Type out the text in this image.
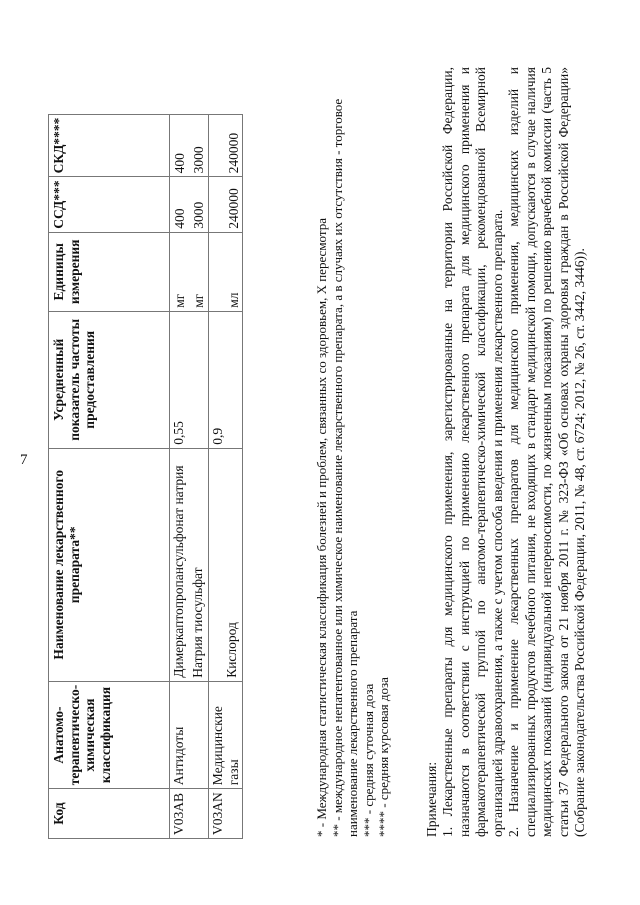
7
Код	Анатомо-терапевтическо-химическая классификация	Наименование лекарственного препарата**	Усредненный показатель частоты предоставления	Единицы измерения	ССД***	СКД****
V03AB	Антидоты	Димеркаптопропансульфонат натрия	0,55	мг	400	400

		Натрия тиосульфат		мг	3000	3000
V03AN	Медицинские газы	Кислород	0,9	мл	240000	240000
* - Международная статистическая классификация болезней и проблем, связанных со здоровьем, X пересмотра ** - международное непатентованное или химическое наименование лекарственного препарата, а в случаях их отсутствия - торговое наименование лекарственного препарата *** - средняя суточная доза **** - средняя курсовая доза Примечания: 1. Лекарственные препараты для медицинского применения, зарегистрированные на территории Российской Федерации, назначаются в соответствии с инструкцией по применению лекарственного препарата для медицинского применения и фармакотерапевтической группой по анатомо-терапевтическо-химической классификации, рекомендованной Всемирной организацией здравоохранения, а также с учетом способа введения и применения лекарственного препарата. 2. Назначение и применение лекарственных препаратов для медицинского применения, медицинских изделий и специализированных продуктов лечебного питания, не входящих в стандарт медицинской помощи, допускаются в случае наличия медицинских показаний (индивидуальной непереносимости, по жизненным показаниям) по решению врачебной комиссии (часть 5 статьи 37 Федерального закона от 21 ноября 2011 г. № 323-ФЗ «Об основах охраны здоровья граждан в Российской Федерации» (Собрание законодательства Российской Федерации, 2011, № 48, ст. 6724; 2012, № 26, ст. 3442, 3446)).
